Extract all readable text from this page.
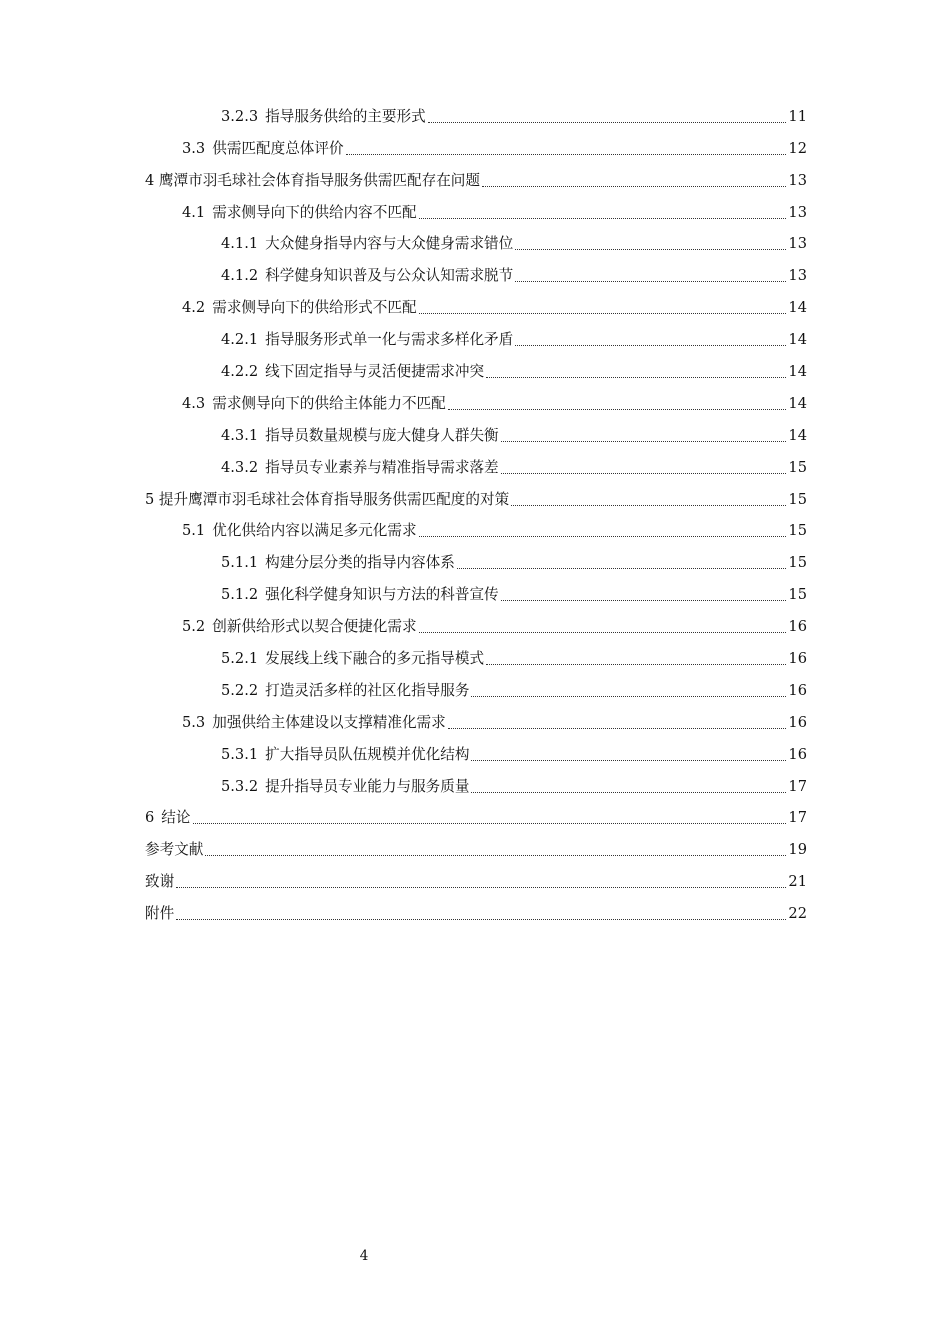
3.2.3 指导服务供给的主要形式	11
3.3 供需匹配度总体评价	12
4 鹰潭市羽毛球社会体育指导服务供需匹配存在问题	13
4.1 需求侧导向下的供给内容不匹配	13
4.1.1 大众健身指导内容与大众健身需求错位	13
4.1.2 科学健身知识普及与公众认知需求脱节	13
4.2 需求侧导向下的供给形式不匹配	14
4.2.1 指导服务形式单一化与需求多样化矛盾	14
4.2.2 线下固定指导与灵活便捷需求冲突	14
4.3 需求侧导向下的供给主体能力不匹配	14
4.3.1 指导员数量规模与庞大健身人群失衡	14
4.3.2 指导员专业素养与精准指导需求落差	15
5 提升鹰潭市羽毛球社会体育指导服务供需匹配度的对策	15
5.1 优化供给内容以满足多元化需求	15
5.1.1 构建分层分类的指导内容体系	15
5.1.2 强化科学健身知识与方法的科普宣传	15
5.2 创新供给形式以契合便捷化需求	16
5.2.1 发展线上线下融合的多元指导模式	16
5.2.2 打造灵活多样的社区化指导服务	16
5.3 加强供给主体建设以支撑精准化需求	16
5.3.1 扩大指导员队伍规模并优化结构	16
5.3.2 提升指导员专业能力与服务质量	17
6 结论	17
参考文献	19
致谢	21
附件	22
4
